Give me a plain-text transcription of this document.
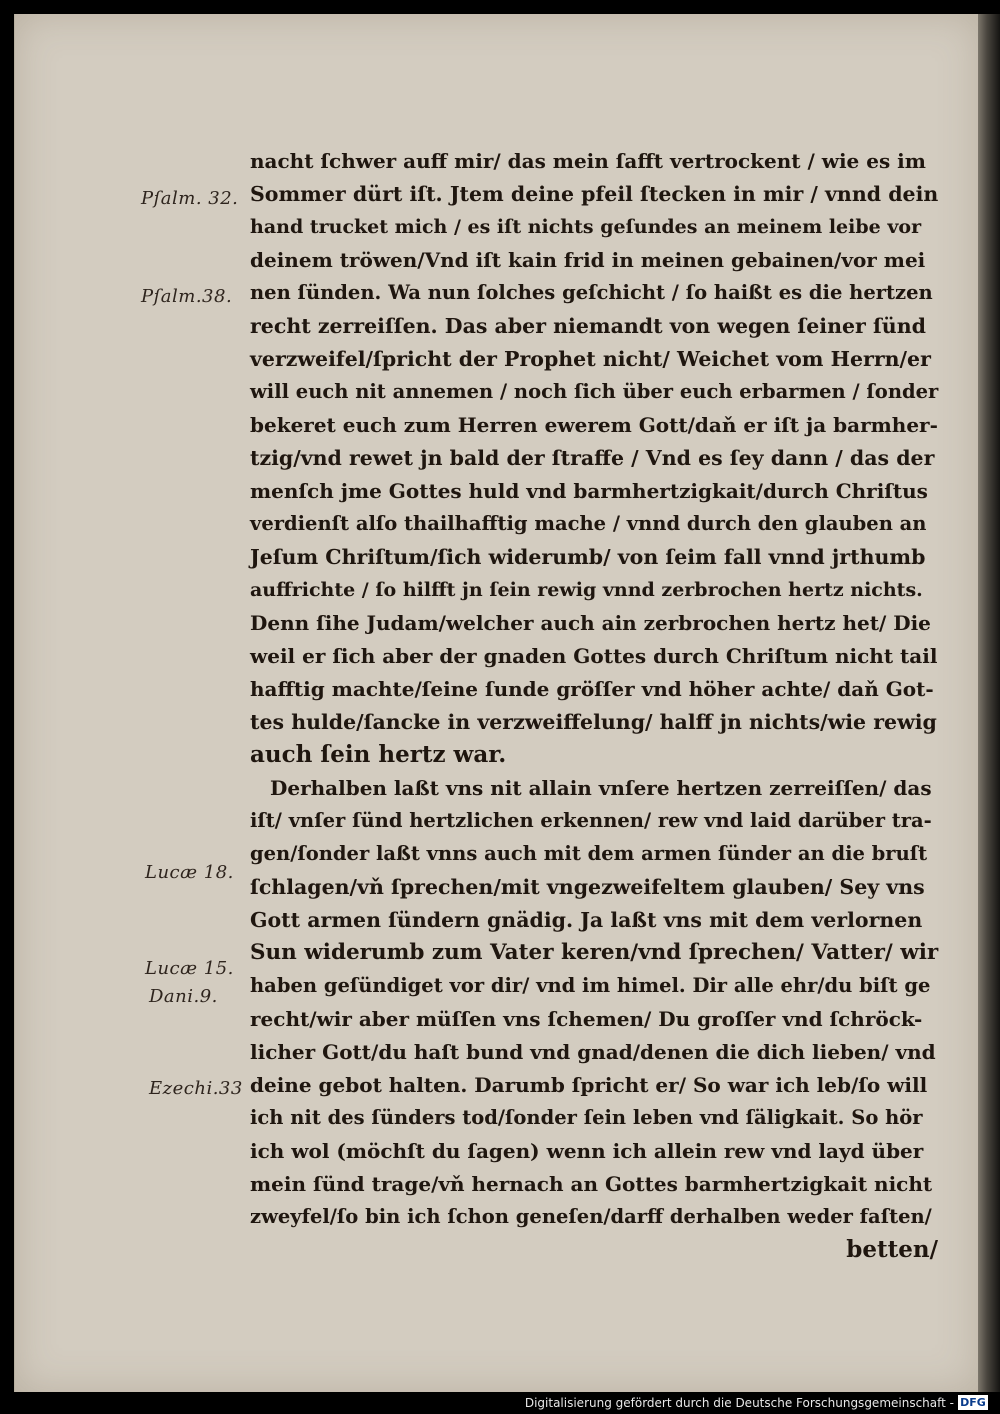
Pſalm. 32.
Pſalm.38.
Lucæ 18.
Lucæ 15.
Dani.9.
Ezechi.33
nacht ſchwer auff mir/ das mein ſafft vertrockent / wie es im
Sommer dürt iſt. Jtem deine pfeil ſtecken in mir / vnnd dein
hand trucket mich / es iſt nichts geſundes an meinem leibe vor
deinem tröwen/Vnd iſt kain frid in meinen gebainen/vor mei
nen ſünden. Wa nun ſolches geſchicht / ſo haißt es die hertzen
recht zerreiſſen. Das aber niemandt von wegen ſeiner ſünd
verzweifel/ſpricht der Prophet nicht/ Weichet vom Herrn/er
will euch nit annemen / noch ſich über euch erbarmen / ſonder
bekeret euch zum Herren ewerem Gott/daň er iſt ja barmher-
tzig/vnd rewet jn bald der ſtraffe / Vnd es ſey dann / das der
menſch jme Gottes huld vnd barmhertzigkait/durch Chriſtus
verdienſt alſo thailhafftig mache / vnnd durch den glauben an
Jeſum Chriſtum/ſich widerumb/ von ſeim fall vnnd jrthumb
auffrichte / ſo hilfft jn ſein rewig vnnd zerbrochen hertz nichts.
Denn ſihe Judam/welcher auch ain zerbrochen hertz het/ Die
weil er ſich aber der gnaden Gottes durch Chriſtum nicht tail
hafftig machte/ſeine ſunde gröſſer vnd höher achte/ daň Got-
tes hulde/ſancke in verzweiffelung/ halff jn nichts/wie rewig
auch ſein hertz war.
Derhalben laßt vns nit allain vnſere hertzen zerreiſſen/ das
iſt/ vnſer ſünd hertzlichen erkennen/ rew vnd laid darüber tra-
gen/ſonder laßt vnns auch mit dem armen ſünder an die bruſt
ſchlagen/vň ſprechen/mit vngezweifeltem glauben/ Sey vns
Gott armen ſündern gnädig. Ja laßt vns mit dem verlornen
Sun widerumb zum Vater keren/vnd ſprechen/ Vatter/ wir
haben geſündiget vor dir/ vnd im himel. Dir alle ehr/du biſt ge
recht/wir aber müſſen vns ſchemen/ Du groſſer vnd ſchröck-
licher Gott/du haſt bund vnd gnad/denen die dich lieben/ vnd
deine gebot halten. Darumb ſpricht er/ So war ich leb/ſo will
ich nit des ſünders tod/ſonder ſein leben vnd ſäligkait. So hör
ich wol (möchſt du ſagen) wenn ich allein rew vnd layd über
mein ſünd trage/vň hernach an Gottes barmhertzigkait nicht
zweyfel/ſo bin ich ſchon geneſen/darff derhalben weder faſten/
betten/
Digitalisierung gefördert durch die Deutsche Forschungsgemeinschaft - DFG
